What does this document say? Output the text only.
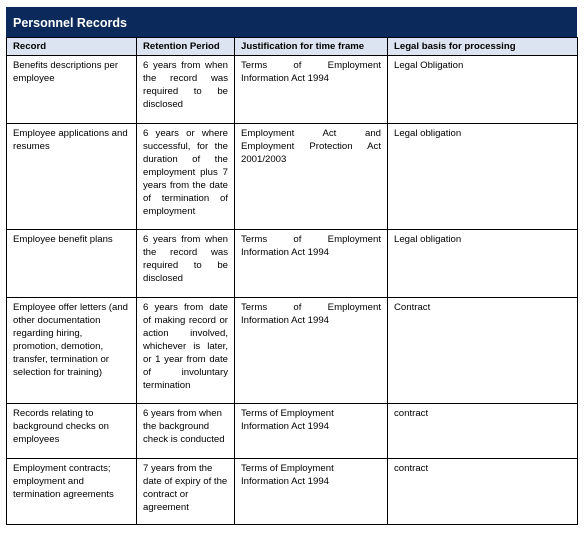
Personnel Records
Record	Retention Period	Justification for time frame	Legal basis for processing
Benefits descriptions per employee	6 years from when the record was required to be disclosed	Terms of Employment Information Act 1994	Legal Obligation
Employee applications and resumes	6 years or where successful, for the duration of the employment plus 7 years from the date of termination of employment	Employment Act and Employment Protection Act 2001/2003	Legal obligation
Employee benefit plans	6 years from when the record was required to be disclosed	Terms of Employment Information Act 1994	Legal obligation
Employee offer letters (and other documentation regarding hiring, promotion, demotion, transfer, termination or selection for training)	6 years from date of making record or action involved, whichever is later, or 1 year from date of involuntary termination	Terms of Employment Information Act 1994	Contract
Records relating to background checks on employees	6 years from when the background check is conducted	Terms of Employment Information Act 1994	contract
Employment contracts; employment and termination agreements	7 years from the date of expiry of the contract or agreement	Terms of Employment Information Act 1994	contract
